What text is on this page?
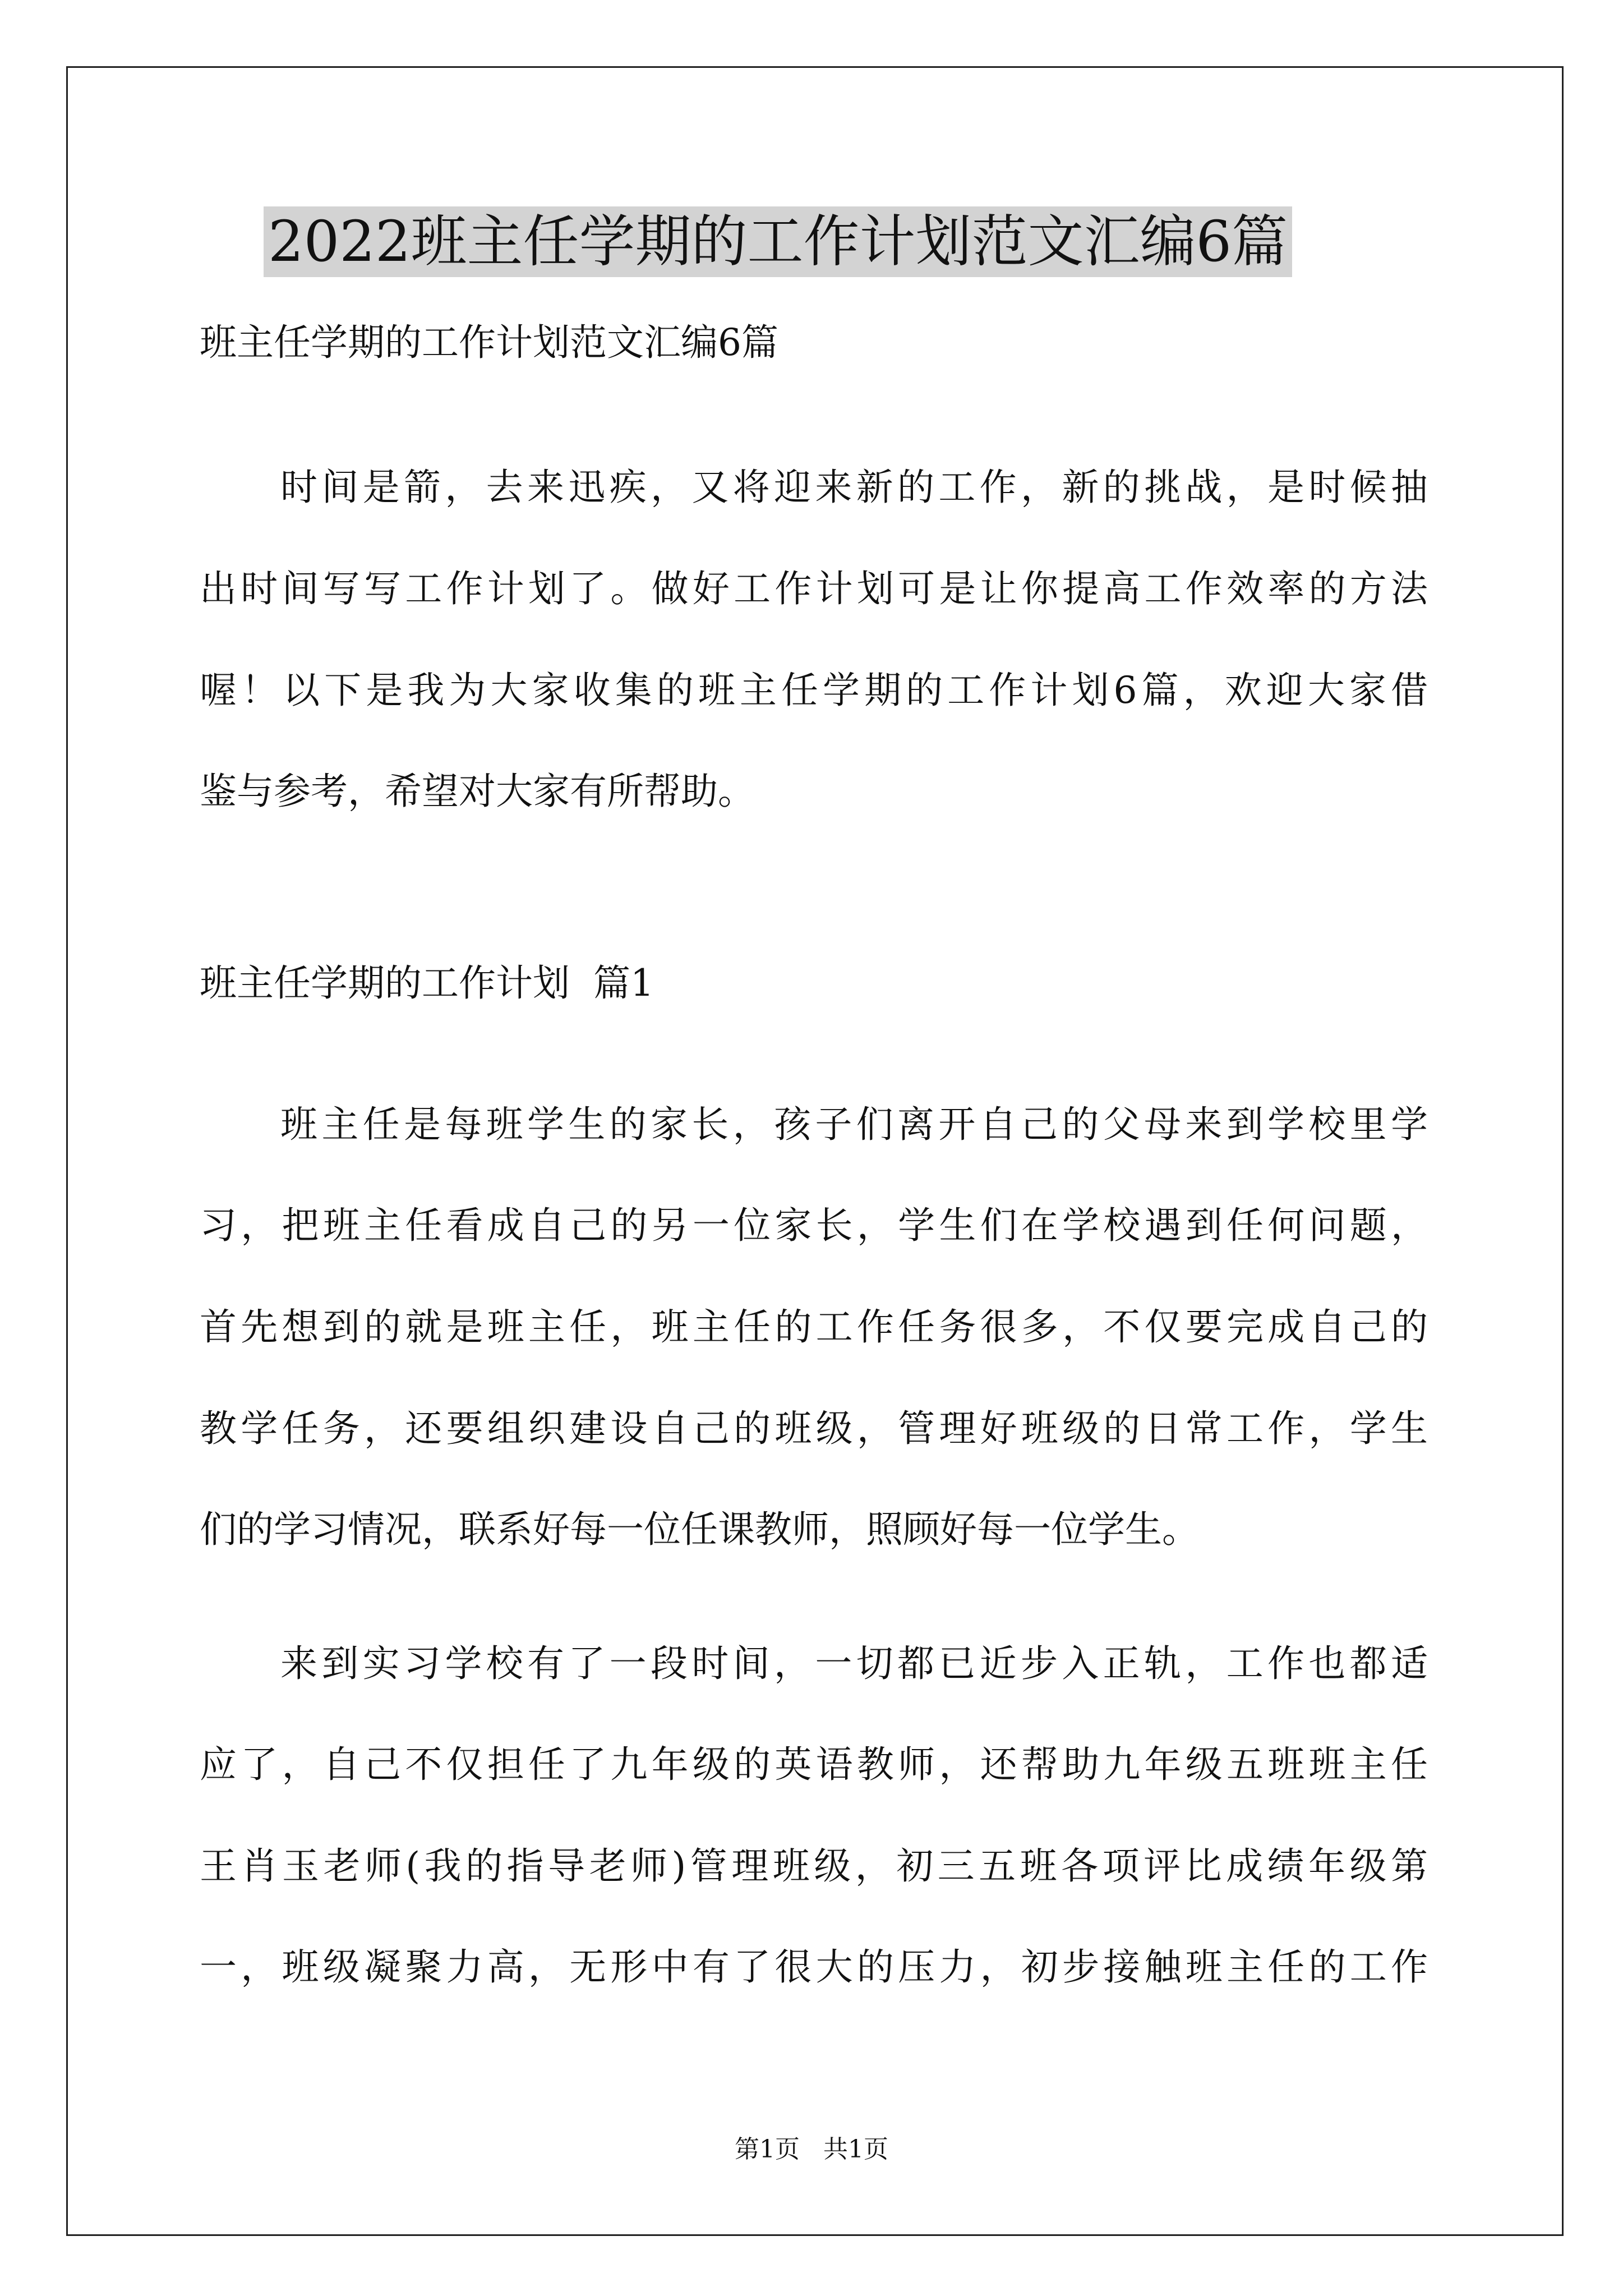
2022班主任学期的工作计划范文汇编6篇
班主任学期的工作计划范文汇编6篇
时间是箭，去来迅疾，又将迎来新的工作，新的挑战，是时候抽
出时间写写工作计划了。做好工作计划可是让你提高工作效率的方法
喔！以下是我为大家收集的班主任学期的工作计划6篇，欢迎大家借
鉴与参考，希望对大家有所帮助。
班主任学期的工作计划  篇1
班主任是每班学生的家长，孩子们离开自己的父母来到学校里学
习，把班主任看成自己的另一位家长，学生们在学校遇到任何问题，
首先想到的就是班主任，班主任的工作任务很多，不仅要完成自己的
教学任务，还要组织建设自己的班级，管理好班级的日常工作，学生
们的学习情况，联系好每一位任课教师，照顾好每一位学生。
来到实习学校有了一段时间，一切都已近步入正轨，工作也都适
应了，自己不仅担任了九年级的英语教师，还帮助九年级五班班主任
王肖玉老师(我的指导老师)管理班级，初三五班各项评比成绩年级第
一，班级凝聚力高，无形中有了很大的压力，初步接触班主任的工作
第1页   共1页
